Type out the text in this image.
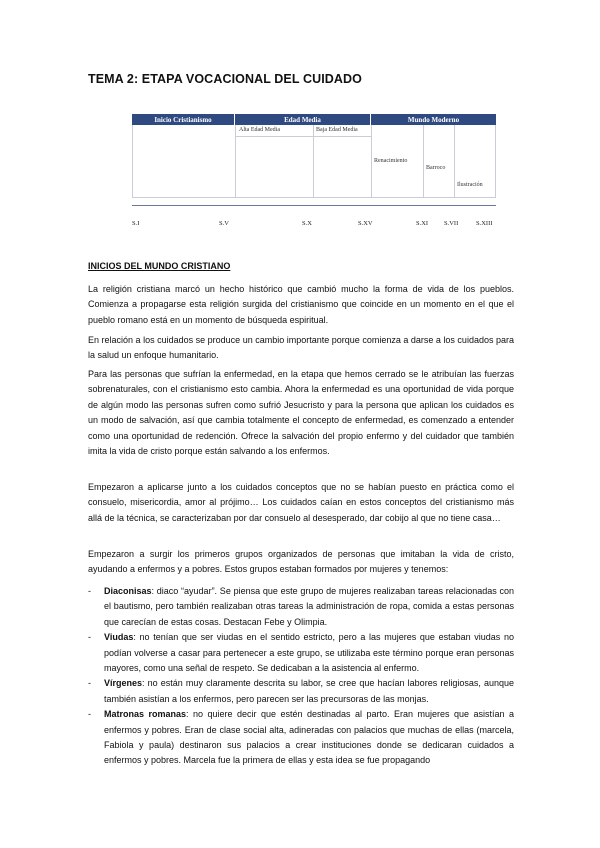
TEMA 2: ETAPA VOCACIONAL DEL CUIDADO
Inicio Cristianismo	Edad Media	Mundo Moderno
Alta Edad Media	Baja Edad Media
Renacimiento
Barroco
Ilustración
S.I	S.V	S.X	S.XV	S.XI S.VII	S.XIII
INICIOS DEL MUNDO CRISTIANO

La religión cristiana marcó un hecho histórico que cambió mucho la forma de vida de los pueblos. Comienza a propagarse esta religión surgida del cristianismo que coincide en un momento en el que el pueblo romano está en un momento de búsqueda espiritual.

En relación a los cuidados se produce un cambio importante porque comienza a darse a los cuidados para la salud un enfoque humanitario.

Para las personas que sufrían la enfermedad, en la etapa que hemos cerrado se le atribuían las fuerzas sobrenaturales, con el cristianismo esto cambia. Ahora la enfermedad es una oportunidad de vida porque de algún modo las personas sufren como sufrió Jesucristo y para la persona que aplican los cuidados es un modo de salvación, así que cambia totalmente el concepto de enfermedad, es comenzado a entender como una oportunidad de redención. Ofrece la salvación del propio enfermo y del cuidador que también imita la vida de cristo porque están salvando a los enfermos.

Empezaron a aplicarse junto a los cuidados conceptos que no se habían puesto en práctica como el consuelo, misericordia, amor al prójimo… Los cuidados caían en estos conceptos del cristianismo más allá de la técnica, se caracterizaban por dar consuelo al desesperado, dar cobijo al que no tiene casa…

Empezaron a surgir los primeros grupos organizados de personas que imitaban la vida de cristo, ayudando a enfermos y a pobres. Estos grupos estaban formados por mujeres y tenemos:

- Diaconisas: diaco “ayudar”. Se piensa que este grupo de mujeres realizaban tareas relacionadas con el bautismo, pero también realizaban otras tareas la administración de ropa, comida a estas personas que carecían de estas cosas. Destacan Febe y Olimpia.
- Viudas: no tenían que ser viudas en el sentido estricto, pero a las mujeres que estaban viudas no podían volverse a casar para pertenecer a este grupo, se utilizaba este término porque eran personas mayores, como una señal de respeto. Se dedicaban a la asistencia al enfermo.
- Vírgenes: no están muy claramente descrita su labor, se cree que hacían labores religiosas, aunque también asistían a los enfermos, pero parecen ser las precursoras de las monjas.
- Matronas romanas: no quiere decir que estén destinadas al parto. Eran mujeres que asistían a enfermos y pobres. Eran de clase social alta, adineradas con palacios que muchas de ellas (marcela, Fabiola y paula) destinaron sus palacios a crear instituciones donde se dedicaran cuidados a enfermos y pobres. Marcela fue la primera de ellas y esta idea se fue propagando
